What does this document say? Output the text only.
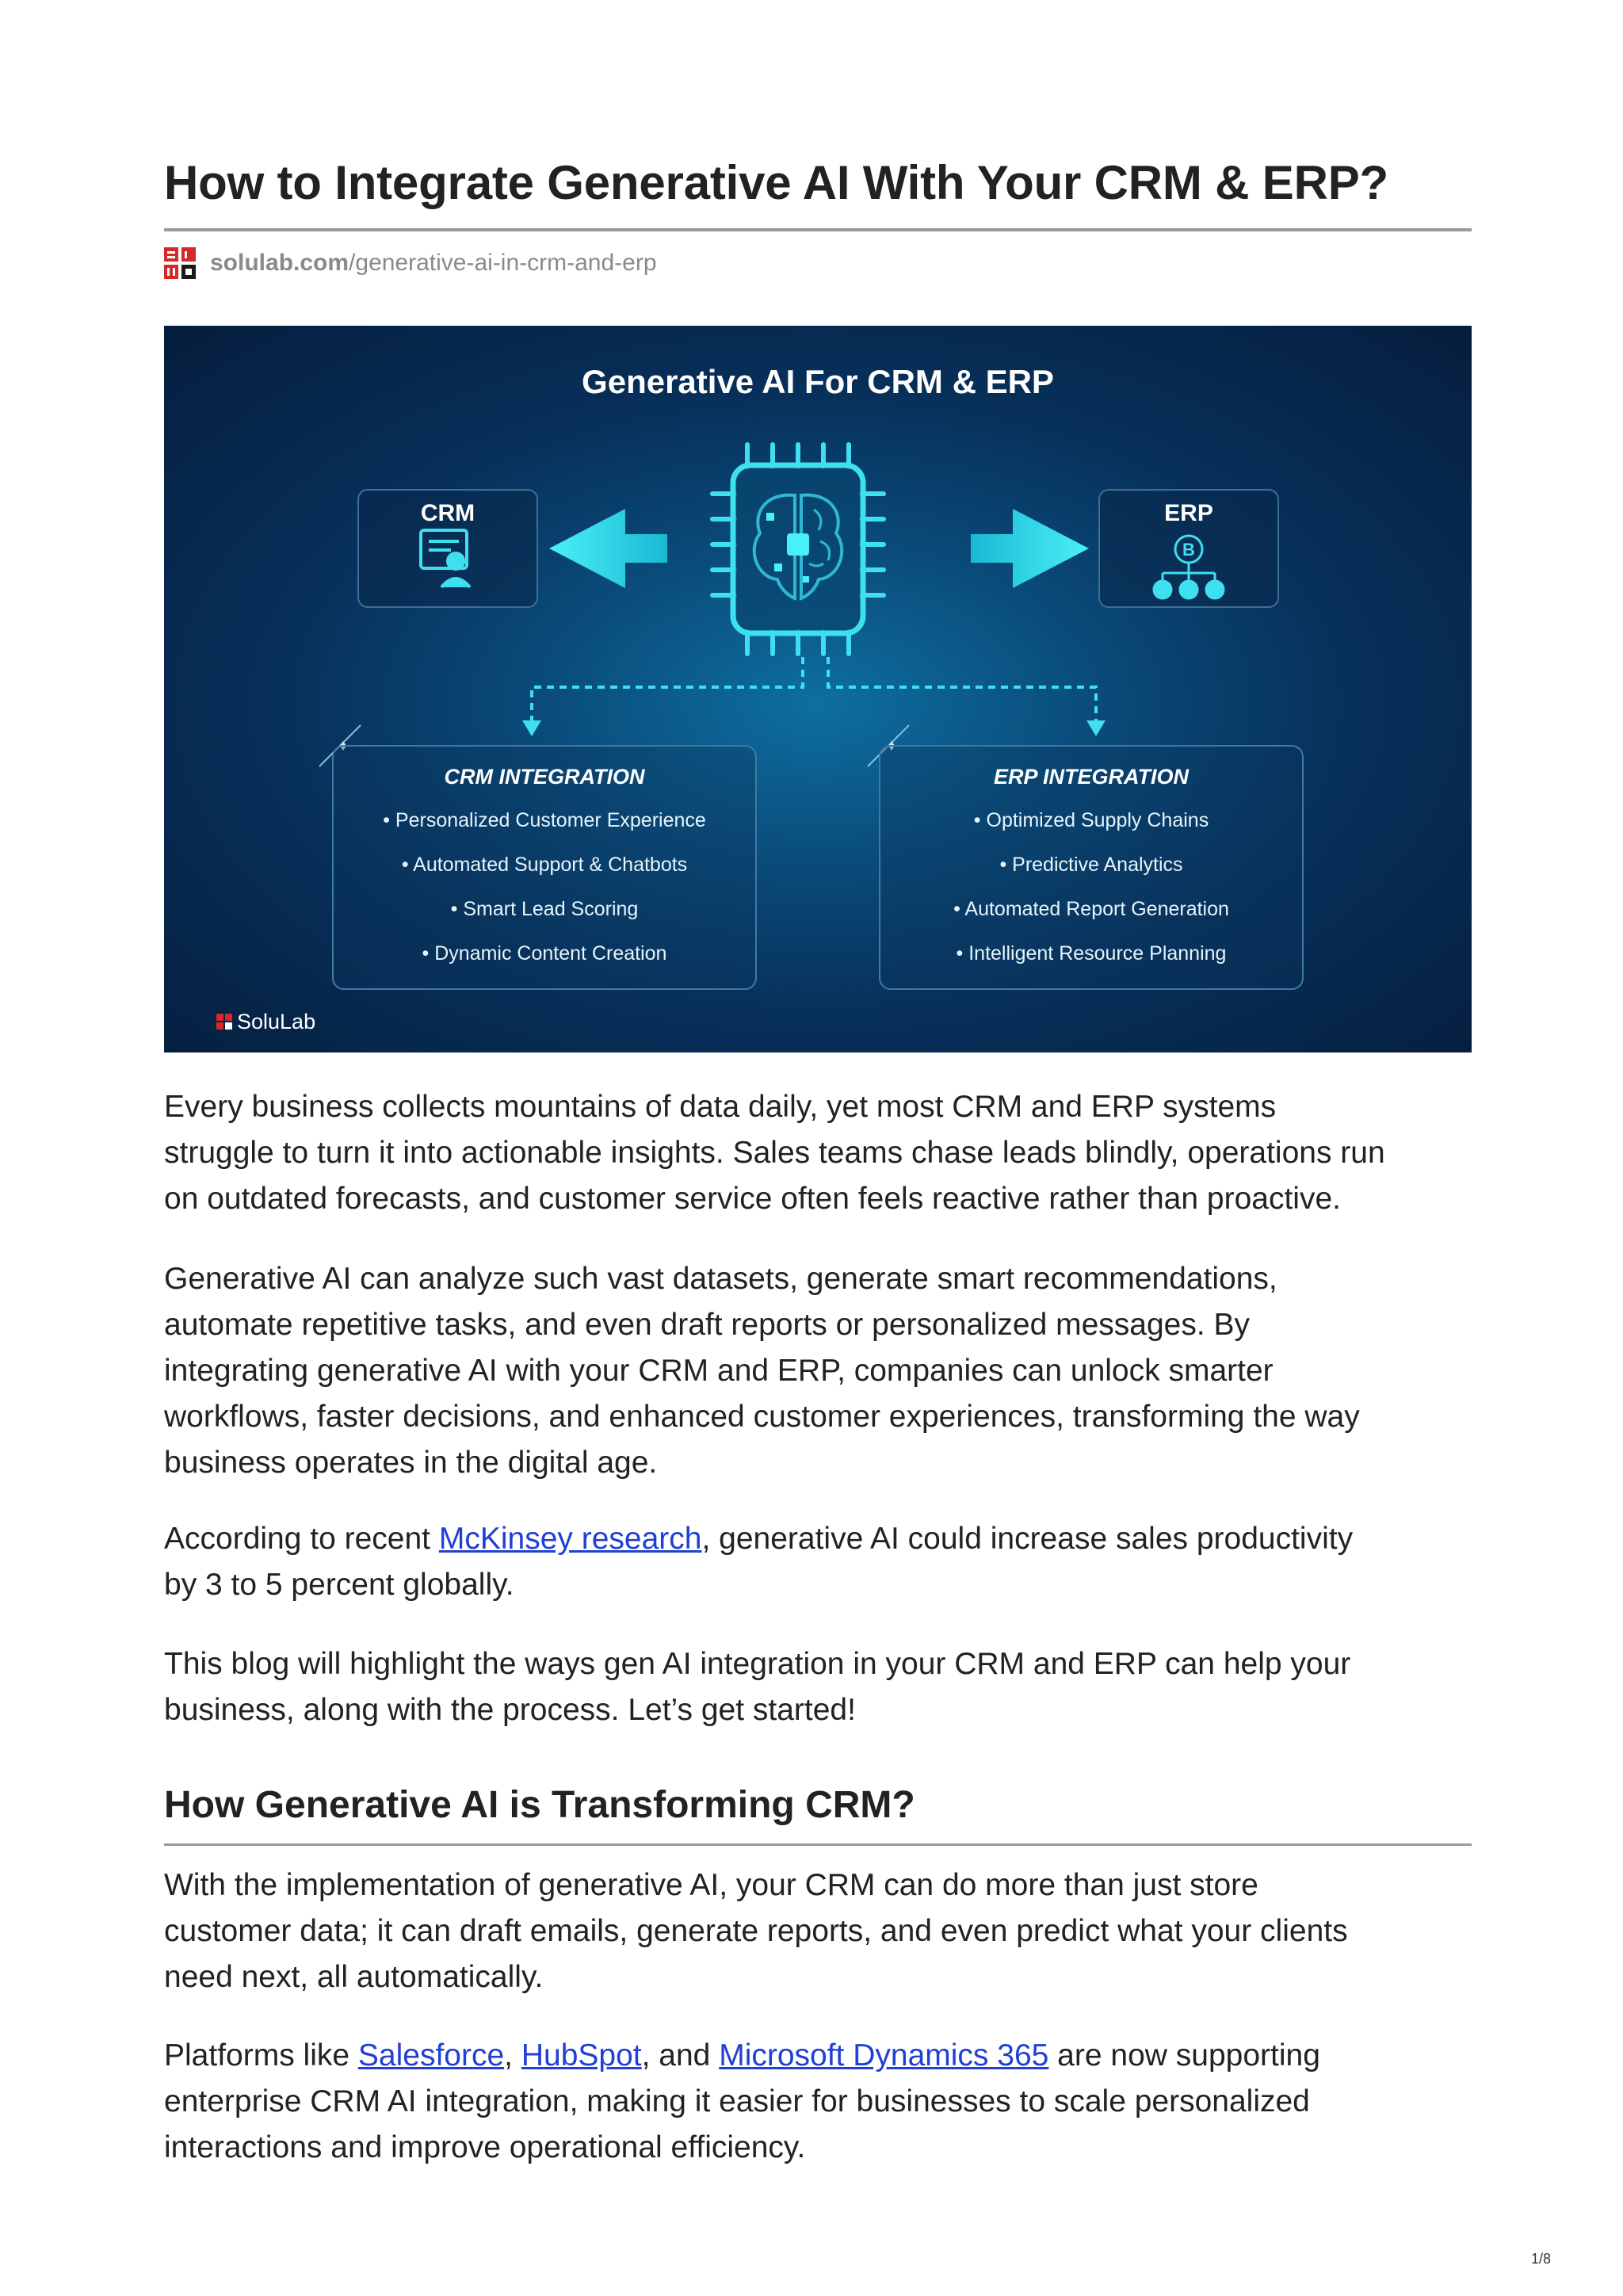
How to Integrate Generative AI With Your CRM & ERP?
solulab.com/generative-ai-in-crm-and-erp
Generative AI For CRM & ERP
CRM	ERP
B
CRM INTEGRATION
• Personalized Customer Experience
• Automated Support & Chatbots
• Smart Lead Scoring
• Dynamic Content Creation
ERP INTEGRATION
• Optimized Supply Chains
• Predictive Analytics
• Automated Report Generation
• Intelligent Resource Planning
SoluLab

Every business collects mountains of data daily, yet most CRM and ERP systems
struggle to turn it into actionable insights. Sales teams chase leads blindly, operations run
on outdated forecasts, and customer service often feels reactive rather than proactive.

Generative AI can analyze such vast datasets, generate smart recommendations,
automate repetitive tasks, and even draft reports or personalized messages. By
integrating generative AI with your CRM and ERP, companies can unlock smarter
workflows, faster decisions, and enhanced customer experiences, transforming the way
business operates in the digital age.

According to recent McKinsey research, generative AI could increase sales productivity
by 3 to 5 percent globally.

This blog will highlight the ways gen AI integration in your CRM and ERP can help your
business, along with the process. Let’s get started!

How Generative AI is Transforming CRM?

With the implementation of generative AI, your CRM can do more than just store
customer data; it can draft emails, generate reports, and even predict what your clients
need next, all automatically.

Platforms like Salesforce, HubSpot, and Microsoft Dynamics 365 are now supporting
enterprise CRM AI integration, making it easier for businesses to scale personalized
interactions and improve operational efficiency.

1/8
